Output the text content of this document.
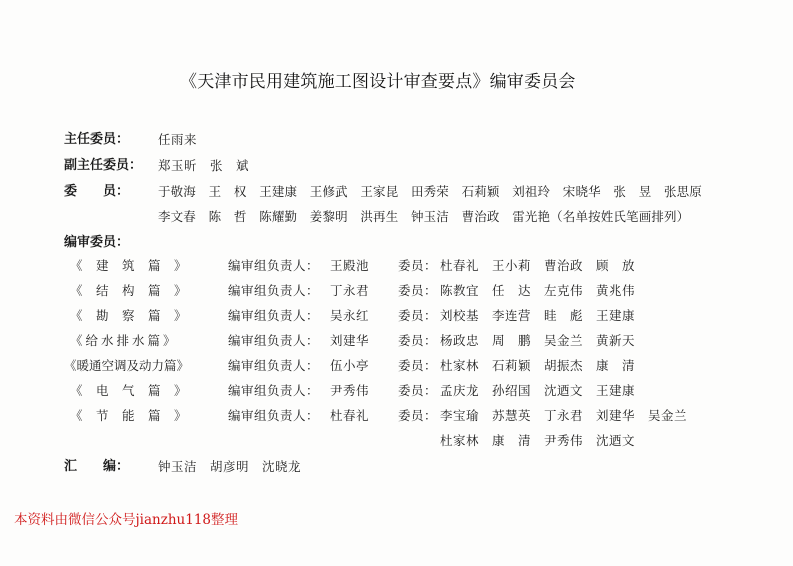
《天津市民用建筑施工图设计审查要点》编审委员会
主任委员： 任雨来
副主任委员： 郑玉昕　张　斌
委　　员： 于敬海　王　权　王建康　王修武　王家昆　田秀荣　石莉颖　刘祖玲　宋晓华　张　昱　张思原
李文春　陈　哲　陈耀勤　姜黎明　洪再生　钟玉洁　曹治政　雷光艳（名单按姓氏笔画排列）
编审委员：
《　建　筑　篇　》	编审组负责人： 王殿池 委员： 杜春礼　王小莉　曹治政　顾　放
《　结　构　篇　》	编审组负责人： 丁永君 委员： 陈教宜　任　达　左克伟　黄兆伟
《　勘　察　篇　》	编审组负责人： 吴永红 委员： 刘校基　李连营　眭　彪　王建康
《给水排水篇》	编审组负责人： 刘建华 委员： 杨政忠　周　鹏　吴金兰　黄新天
《暖通空调及动力篇》	编审组负责人： 伍小亭 委员： 杜家林　石莉颖　胡振杰　康　清
《　电　气　篇　》	编审组负责人： 尹秀伟 委员： 孟庆龙　孙绍国　沈迺文　王建康
《　节　能　篇　》	编审组负责人： 杜春礼 委员： 李宝瑜　苏慧英　丁永君　刘建华　吴金兰
杜家林　康　清　尹秀伟　沈迺文
汇　　编： 钟玉洁　胡彦明　沈晓龙
本资料由微信公众号jianzhu118整理
